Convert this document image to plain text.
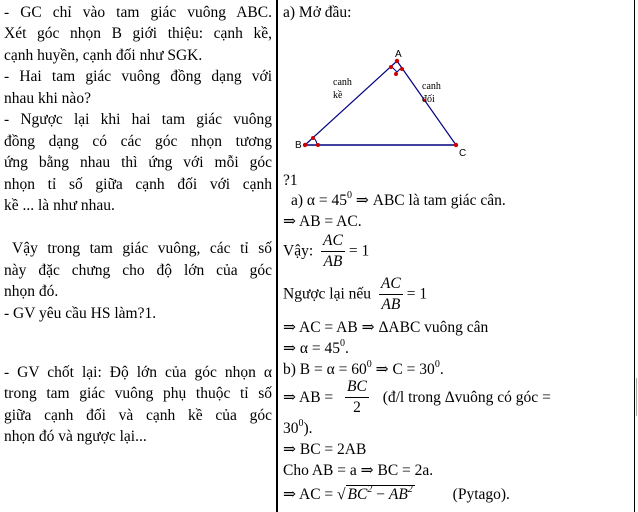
- GC chỉ vào tam giác vuông ABC.
Xét góc nhọn B giới thiệu: cạnh kề,
cạnh huyền, cạnh đối như SGK.
- Hai tam giác vuông đồng dạng với
nhau khi nào?
- Ngược lại khi hai tam giác vuông
đồng dạng có các góc nhọn tương
ứng bằng nhau thì ứng với mỗi góc
nhọn tỉ số giữa cạnh đối với cạnh
kề ... là như nhau.
Vậy trong tam giác vuông, các tỉ số
này đặc chưng cho độ lớn của góc
nhọn đó.
- GV yêu cầu HS làm?1.
- GV chốt lại: Độ lớn của góc nhọn α
trong tam giác vuông phụ thuộc tỉ số
giữa cạnh đối và cạnh kề của góc
nhọn đó và ngược lại...
a) Mở đầu:
A
B
C
canh
kề
canh
đối
?1
a) $\alpha = 45^0$ ⇒ ABC là tam giác cân.
⇒ AB = AC.
Vậy: $\frac{AC}{AB} = 1$
Ngược lại nếu $\frac{AC}{AB} = 1$
⇒ AC = AB ⇒ ΔABC vuông cân
⇒ $\alpha = 45^0$.
b) $B = \alpha = 60^0$ ⇒ $C = 30^0$.
⇒ AB = $\frac{BC}{2}$ (đ/l trong Δvuông có góc =
$30^0$).
⇒ BC = 2AB
Cho AB = a ⇒ BC = 2a.
⇒ AC = √ $BC^2 - AB^2$	(Pytago).
